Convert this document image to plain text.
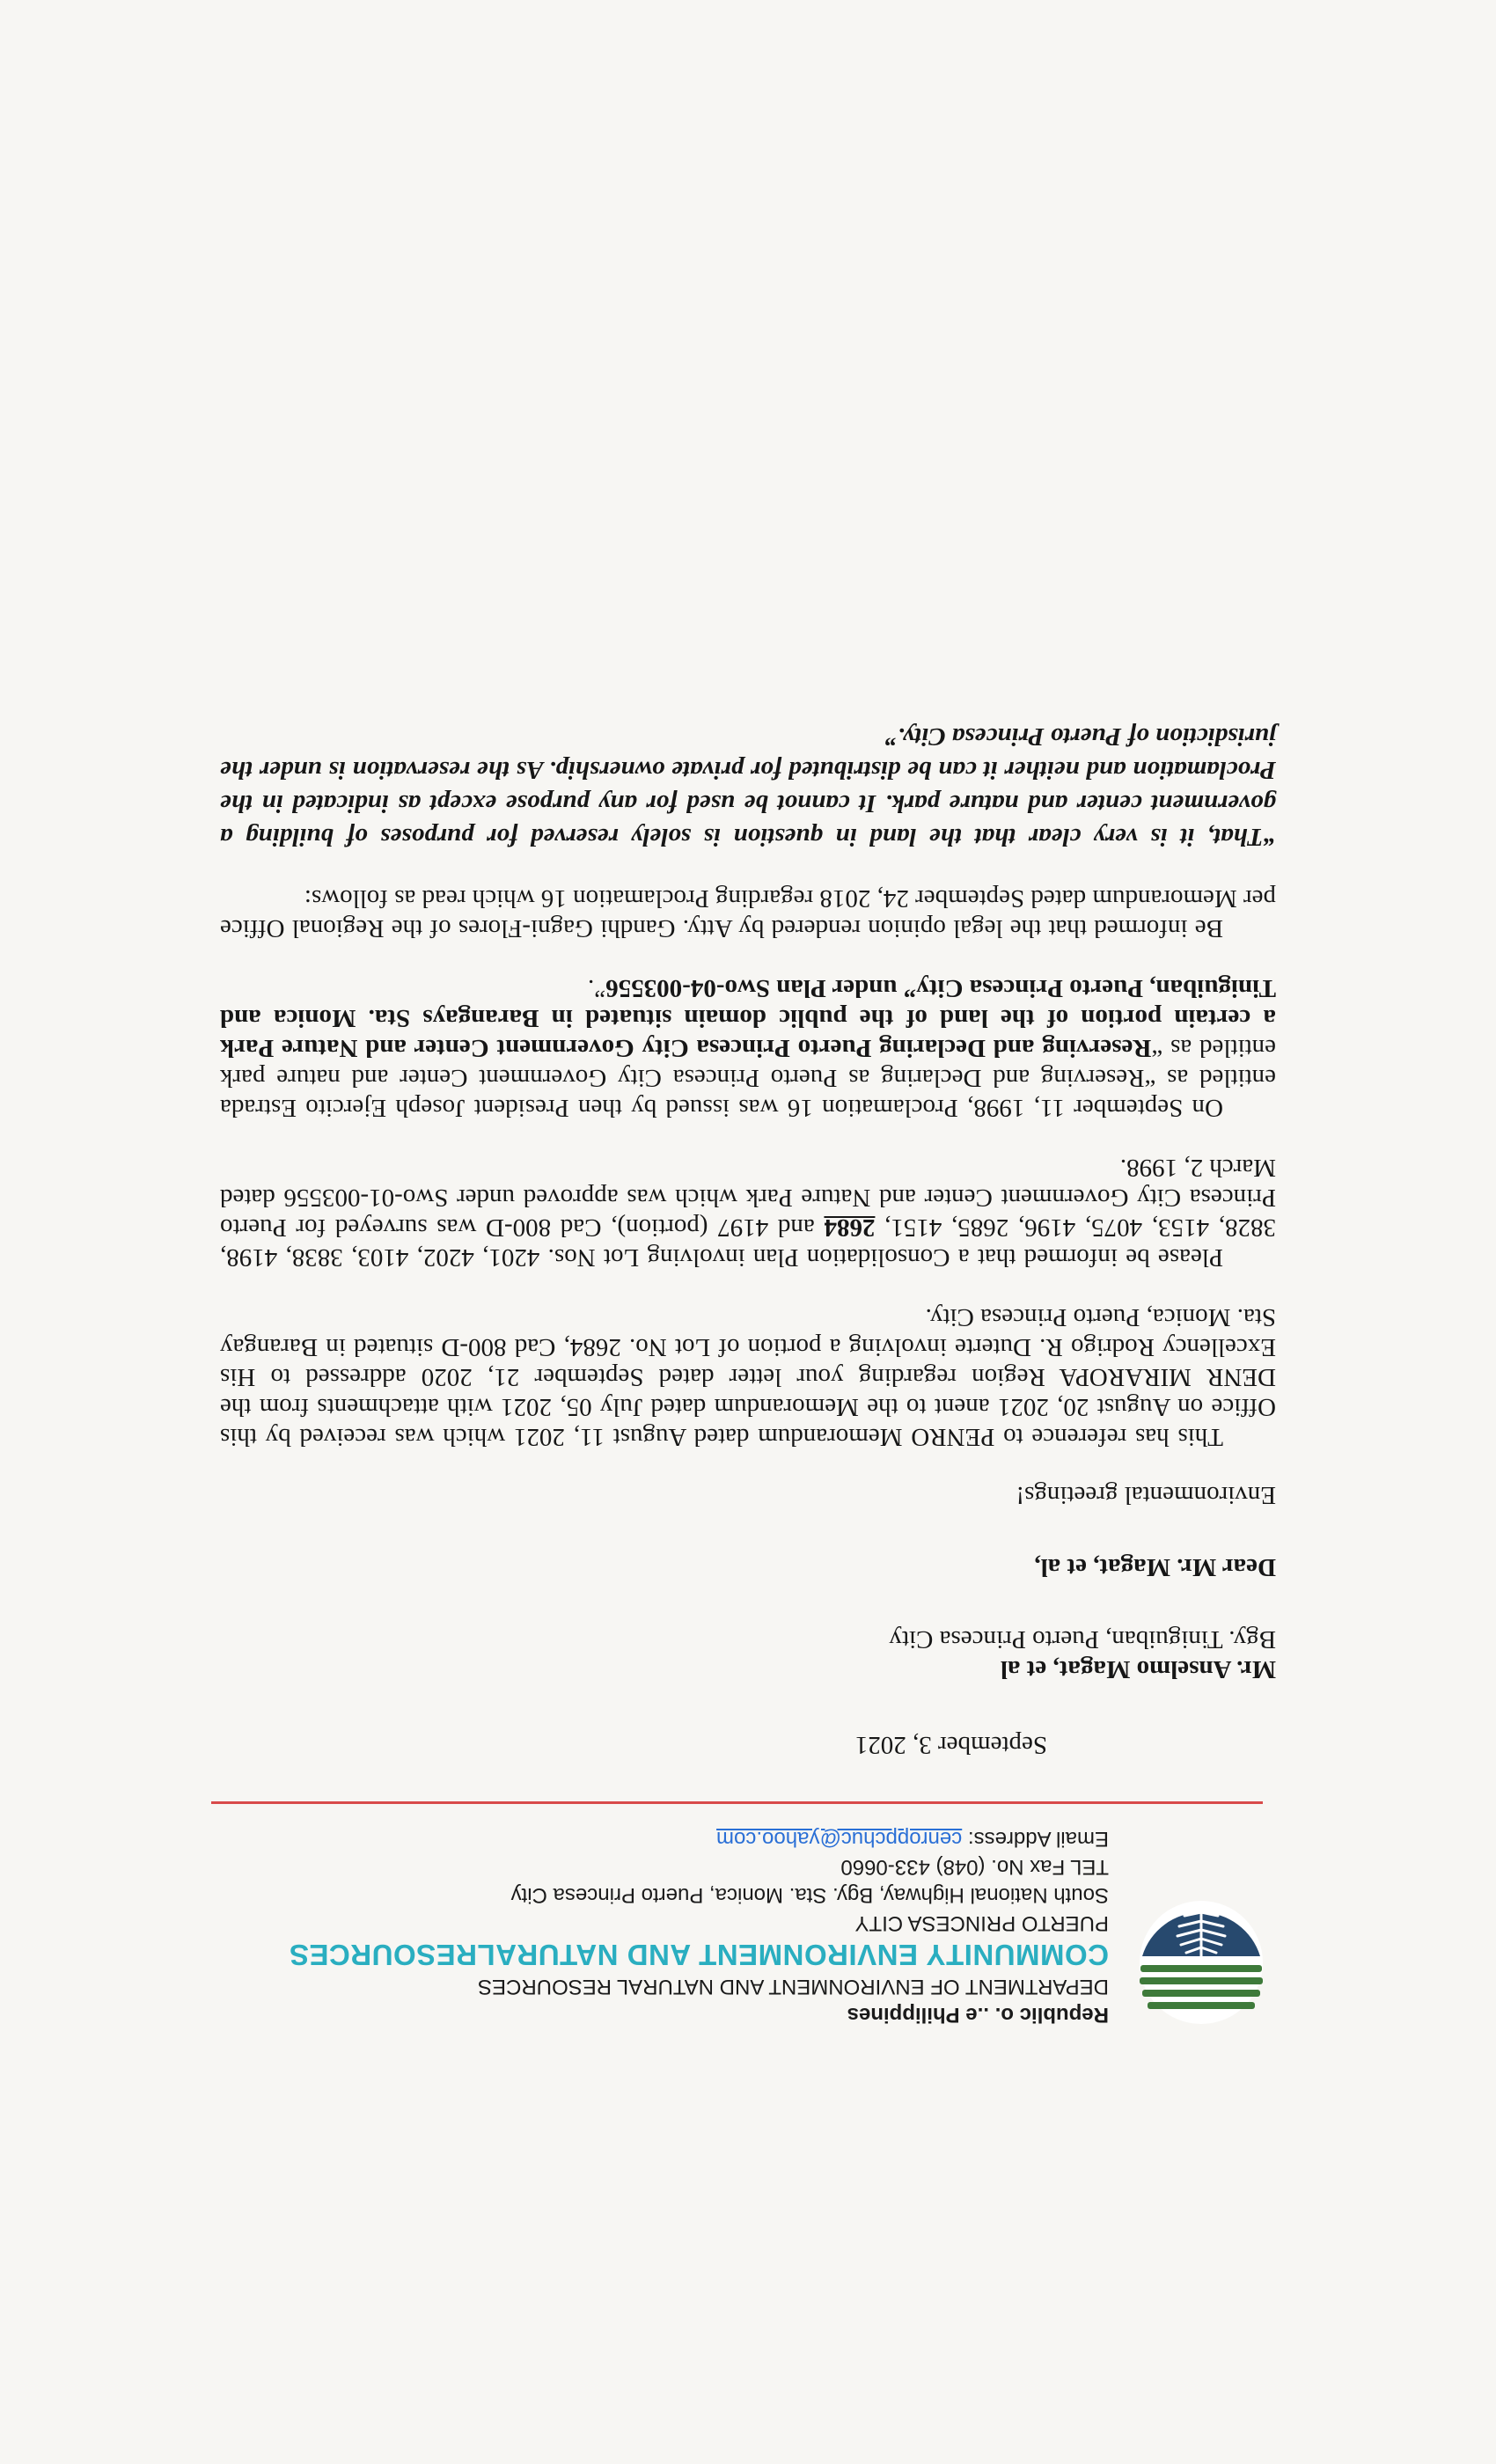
Republic o. ..e Philippines
DEPARTMENT OF ENVIRONMENT AND NATURAL RESOURCES
COMMUNITY ENVIRONMENT AND NATURALRESOURCES
PUERTO PRINCESA CITY
South National Highway, Bgy. Sta. Monica, Puerto Princesa City
TEL Fax No. (048) 433-0660
Email Address: cenroppchuc@yahoo.com
September 3, 2021
Mr. Anselmo Magat, et al
Bgy. Tiniguiban, Puerto Princesa City
Dear Mr. Magat, et al,
Environmental greetings!

This has reference to PENRO Memorandum dated August 11, 2021 which was received by this Office on August 20, 2021 anent to the Memorandum dated July 05, 2021 with attachments from the DENR MIRAROPA Region regarding your letter dated September 21, 2020 addressed to His Excellency Rodrigo R. Duterte involving a portion of Lot No. 2684, Cad 800-D situated in Barangay Sta. Monica, Puerto Princesa City.

Please be informed that a Consolidation Plan involving Lot Nos. 4201, 4202, 4103, 3838, 4198, 3828, 4153, 4075, 4196, 2685, 4151, 2684 and 4197 (portion), Cad 800-D was surveyed for Puerto Princesa City Government Center and Nature Park which was approved under Swo-01-003556 dated March 2, 1998.

On September 11, 1998, Proclamation 16 was issued by then President Joseph Ejercito Estrada entitled as “Reserving and Declaring as Puerto Princesa City Government Center and nature park entitled as “Reserving and Declaring Puerto Princesa City Government Center and Nature Park a certain portion of the land of the public domain situated in Barangays Sta. Monica and Tiniguiban, Puerto Princesa City” under Plan Swo-04-003556”.

Be informed that the legal opinion rendered by Atty. Gandhi Gagni-Flores of the Regional Office per Memorandum dated September 24, 2018 regarding Proclamation 16 which read as follows:

“That, it is very clear that the land in question is solely reserved for purposes of building a government center and nature park. It cannot be used for any purpose except as indicated in the Proclamation and neither it can be distributed for private ownership. As the reservation is under the jurisdiction of Puerto Princesa City.”
